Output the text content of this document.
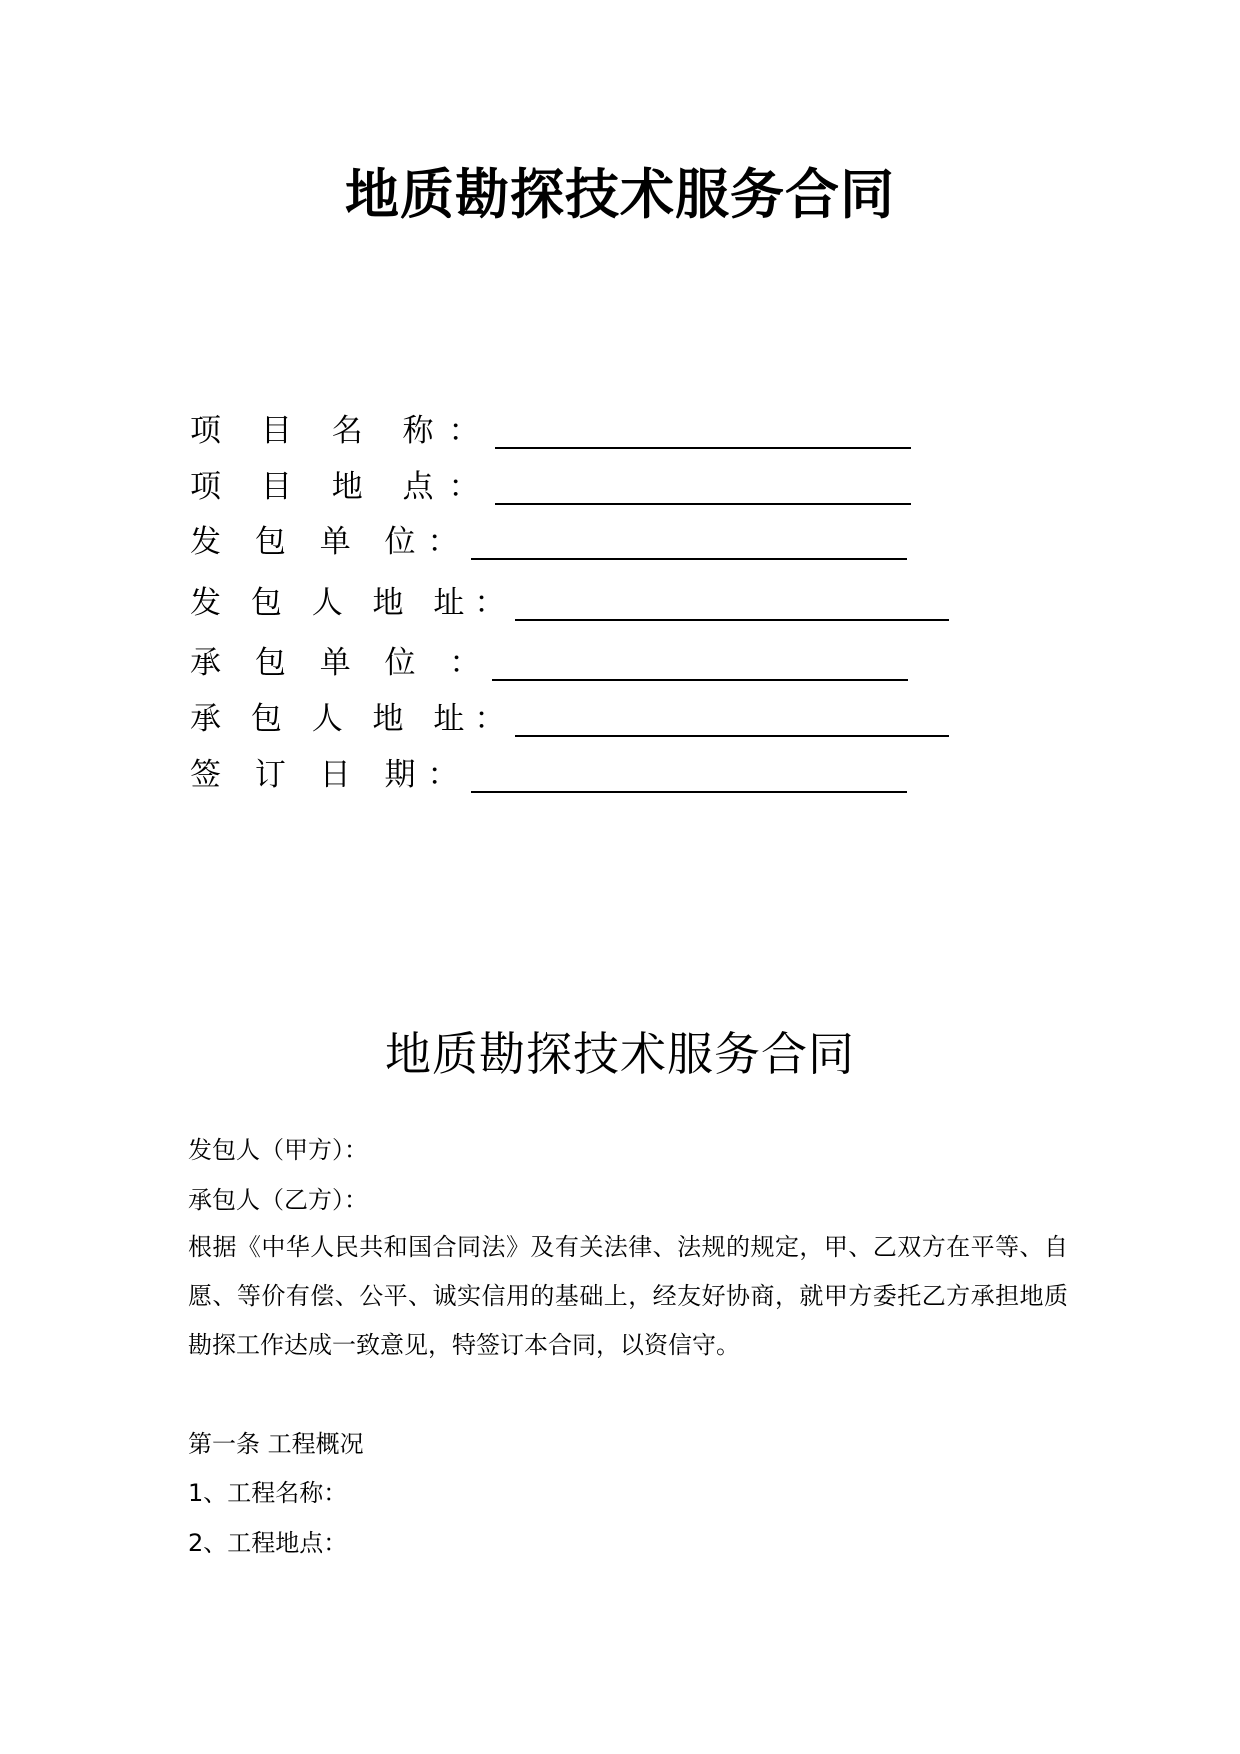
地质勘探技术服务合同
项 目 名 称：
项 目 地 点：
发 包 单 位：
发 包 人 地 址：
承 包 单 位 ：
承 包 人 地 址：
签 订 日 期：
地质勘探技术服务合同
发包人（甲方）：
承包人（乙方）：
根据《中华人民共和国合同法》及有关法律、法规的规定，甲、乙双方在平等、自愿、等价有偿、公平、诚实信用的基础上，经友好协商，就甲方委托乙方承担地质勘探工作达成一致意见，特签订本合同，以资信守。
第一条 工程概况
1、工程名称：
2、工程地点：
